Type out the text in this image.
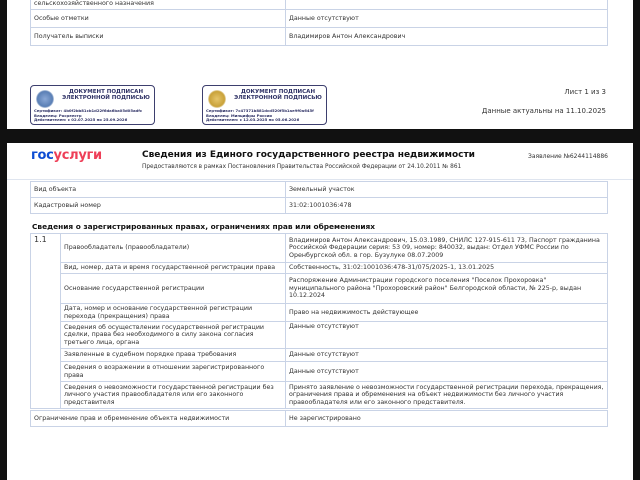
сельскохозяйственного назначения	
Особые отметки	Данные отсутствуют
Получатель выписки	Владимиров Антон Александрович
ДОКУМЕНТ ПОДПИСАН ЭЛЕКТРОННОЙ ПОДПИСЬЮ
Сертификат: 4b0f2bb81cb1d22f6da6ba05d05adfc
Владелец: Росреестр
Действителен: с 02.07.2025 по 25.09.2026
ДОКУМЕНТ ПОДПИСАН ЭЛЕКТРОННОЙ ПОДПИСЬЮ
Сертификат: 7c47371b881dcd520f5b1ae9f0a645f
Владелец: Минцифры России
Действителен: с 12.03.2025 по 05.06.2026
Лист 1 из 3
Данные актуальны на 11.10.2025
госуслуги	Сведения из Единого государственного реестра недвижимости
Предоставляются в рамках Постановления Правительства Российской Федерации от 24.10.2011 № 861
Заявление №6244114886
Вид объекта	Земельный участок
Кадастровый номер	31:02:1001036:478
Сведения о зарегистрированных правах, ограничениях прав или обременениях
1.1	Правообладатель (правообладатели)	Владимиров Антон Александрович, 15.03.1989, СНИЛС 127-915-611 73, Паспорт гражданина Российской Федерации серия: 53 09, номер: 840032, выдан: Отдел УФМС России по Оренбургской обл. в гор. Бузулуке 08.07.2009
	Вид, номер, дата и время государственной регистрации права	Собственность, 31:02:1001036:478-31/075/2025-1, 13.01.2025
	Основание государственной регистрации	Распоряжение Администрации городского поселения "Поселок Прохоровка" муниципального района "Прохоровский район" Белгородской области, № 225-р, выдан 10.12.2024
	Дата, номер и основание государственной регистрации перехода (прекращения) права	Право на недвижимость действующее
	Сведения об осуществлении государственной регистрации сделки, права без необходимого в силу закона согласия третьего лица, органа	Данные отсутствуют
	Заявленные в судебном порядке права требования	Данные отсутствуют
	Сведения о возражении в отношении зарегистрированного права	Данные отсутствуют
	Сведения о невозможности государственной регистрации без личного участия правообладателя или его законного представителя	Принято заявление о невозможности государственной регистрации перехода, прекращения, ограничения права и обременения на объект недвижимости без личного участия правообладателя или его законного представителя.
Ограничение прав и обременение объекта недвижимости	Не зарегистрировано
